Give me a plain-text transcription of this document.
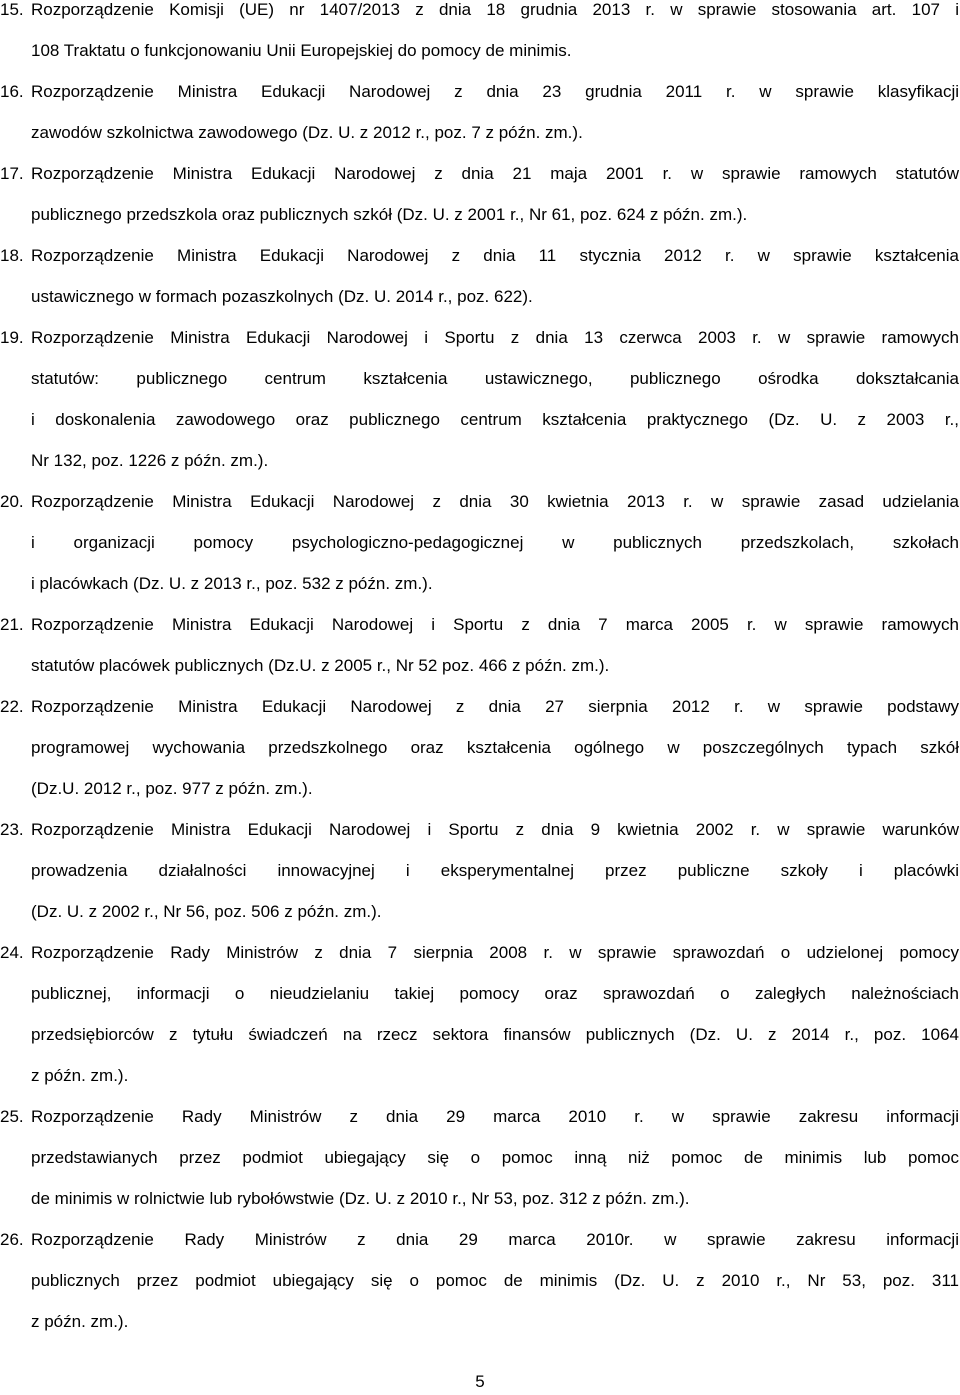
15. Rozporządzenie Komisji (UE) nr 1407/2013 z dnia 18 grudnia 2013 r. w sprawie stosowania art. 107 i
108 Traktatu o funkcjonowaniu Unii Europejskiej do pomocy de minimis.
16. Rozporządzenie Ministra Edukacji Narodowej z dnia 23 grudnia 2011 r. w sprawie klasyfikacji
zawodów szkolnictwa zawodowego (Dz. U. z 2012 r., poz. 7 z późn. zm.).
17. Rozporządzenie Ministra Edukacji Narodowej z dnia 21 maja 2001 r. w sprawie ramowych statutów
publicznego przedszkola oraz publicznych szkół (Dz. U. z 2001 r., Nr 61, poz. 624 z późn. zm.).
18. Rozporządzenie Ministra Edukacji Narodowej z dnia 11 stycznia 2012 r. w sprawie kształcenia
ustawicznego w formach pozaszkolnych (Dz. U. 2014 r., poz. 622).
19. Rozporządzenie Ministra Edukacji Narodowej i Sportu z dnia 13 czerwca 2003 r. w sprawie ramowych
statutów: publicznego centrum kształcenia ustawicznego, publicznego ośrodka dokształcania
i doskonalenia zawodowego oraz publicznego centrum kształcenia praktycznego (Dz. U. z 2003 r.,
Nr 132, poz. 1226 z późn. zm.).
20. Rozporządzenie Ministra Edukacji Narodowej z dnia 30 kwietnia 2013 r. w sprawie zasad udzielania
i organizacji pomocy psychologiczno-pedagogicznej w publicznych przedszkolach, szkołach
i placówkach (Dz. U. z 2013 r., poz. 532 z późn. zm.).
21. Rozporządzenie Ministra Edukacji Narodowej i Sportu z dnia 7 marca 2005 r. w sprawie ramowych
statutów placówek publicznych (Dz.U. z 2005 r., Nr 52 poz. 466 z późn. zm.).
22. Rozporządzenie Ministra Edukacji Narodowej z dnia 27 sierpnia 2012 r. w sprawie podstawy
programowej wychowania przedszkolnego oraz kształcenia ogólnego w poszczególnych typach szkół
(Dz.U. 2012 r., poz. 977 z późn. zm.).
23. Rozporządzenie Ministra Edukacji Narodowej i Sportu z dnia 9 kwietnia 2002 r. w sprawie warunków
prowadzenia działalności innowacyjnej i eksperymentalnej przez publiczne szkoły i placówki
(Dz. U. z 2002 r., Nr 56, poz. 506 z późn. zm.).
24. Rozporządzenie Rady Ministrów z dnia 7 sierpnia 2008 r. w sprawie sprawozdań o udzielonej pomocy
publicznej, informacji o nieudzielaniu takiej pomocy oraz sprawozdań o zaległych należnościach
przedsiębiorców z tytułu świadczeń na rzecz sektora finansów publicznych (Dz. U. z 2014 r., poz. 1064
z późn. zm.).
25. Rozporządzenie Rady Ministrów z dnia 29 marca 2010 r. w sprawie zakresu informacji
przedstawianych przez podmiot ubiegający się o pomoc inną niż pomoc de minimis lub pomoc
de minimis w rolnictwie lub rybołówstwie (Dz. U. z 2010 r., Nr 53, poz. 312 z późn. zm.).
26. Rozporządzenie Rady Ministrów z dnia 29 marca 2010r. w sprawie zakresu informacji
publicznych przez podmiot ubiegający się o pomoc de minimis (Dz. U. z 2010 r., Nr 53, poz. 311
z późn. zm.).
5
